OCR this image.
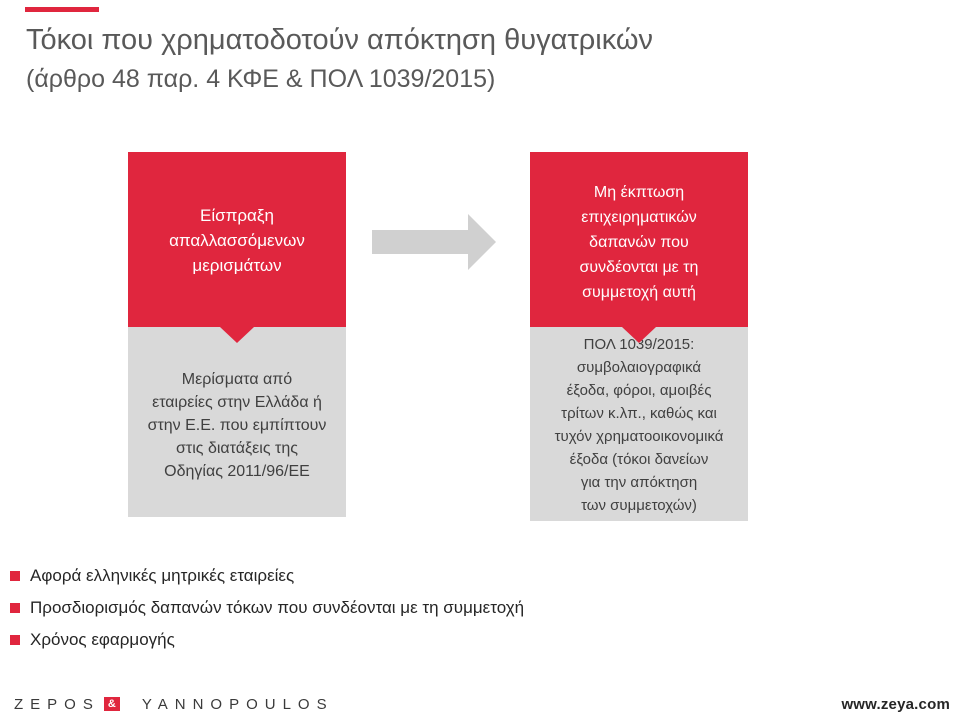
Τόκοι που χρηματοδοτούν απόκτηση θυγατρικών
(άρθρο 48 παρ. 4 ΚΦΕ & ΠΟΛ 1039/2015)
Είσπραξη
απαλλασσόμενων
μερισμάτων
Μερίσματα από
εταιρείες στην Ελλάδα ή
στην Ε.Ε. που εμπίπτουν
στις διατάξεις της
Οδηγίας 2011/96/ΕΕ
Μη έκπτωση
επιχειρηματικών
δαπανών που
συνδέονται με τη
συμμετοχή αυτή
ΠΟΛ 1039/2015:
συμβολαιογραφικά
έξοδα, φόροι, αμοιβές
τρίτων κ.λπ., καθώς και
τυχόν χρηματοοικονομικά
έξοδα (τόκοι δανείων
για την απόκτηση
των συμμετοχών)
Αφορά ελληνικές μητρικές εταιρείες
Προσδιορισμός δαπανών τόκων που συνδέονται με τη συμμετοχή
Χρόνος εφαρμογής
ZEPOS & YANNOPOULOS	www.zeya.com
